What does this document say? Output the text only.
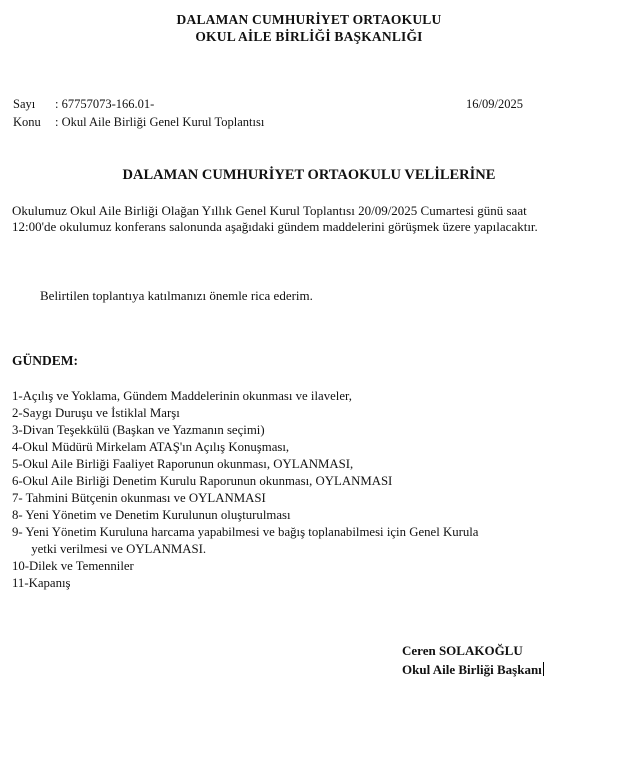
DALAMAN CUMHURİYET ORTAOKULU
OKUL AİLE BİRLİĞİ BAŞKANLIĞI
Sayı : 67757073-166.01-	16/09/2025
Konu : Okul Aile Birliği Genel Kurul Toplantısı
DALAMAN CUMHURİYET ORTAOKULU VELİLERİNE
Okulumuz Okul Aile Birliği Olağan Yıllık Genel Kurul Toplantısı 20/09/2025 Cumartesi günü saat 12:00'de okulumuz konferans salonunda aşağıdaki gündem maddelerini görüşmek üzere yapılacaktır.
Belirtilen toplantıya katılmanızı önemle rica ederim.
GÜNDEM:
1-Açılış ve Yoklama, Gündem Maddelerinin okunması ve ilaveler,
2-Saygı Duruşu ve İstiklal Marşı
3-Divan Teşekkülü (Başkan ve Yazmanın seçimi)
4-Okul Müdürü Mirkelam ATAŞ'ın Açılış Konuşması,
5-Okul Aile Birliği Faaliyet Raporunun okunması, OYLANMASI,
6-Okul Aile Birliği Denetim Kurulu Raporunun okunması, OYLANMASI
7- Tahmini Bütçenin okunması ve OYLANMASI
8- Yeni Yönetim ve Denetim Kurulunun oluşturulması
9- Yeni Yönetim Kuruluna harcama yapabilmesi ve bağış toplanabilmesi için Genel Kurula
yetki verilmesi ve OYLANMASI.
10-Dilek ve Temenniler
11-Kapanış
Ceren SOLAKOĞLU
Okul Aile Birliği Başkanı
